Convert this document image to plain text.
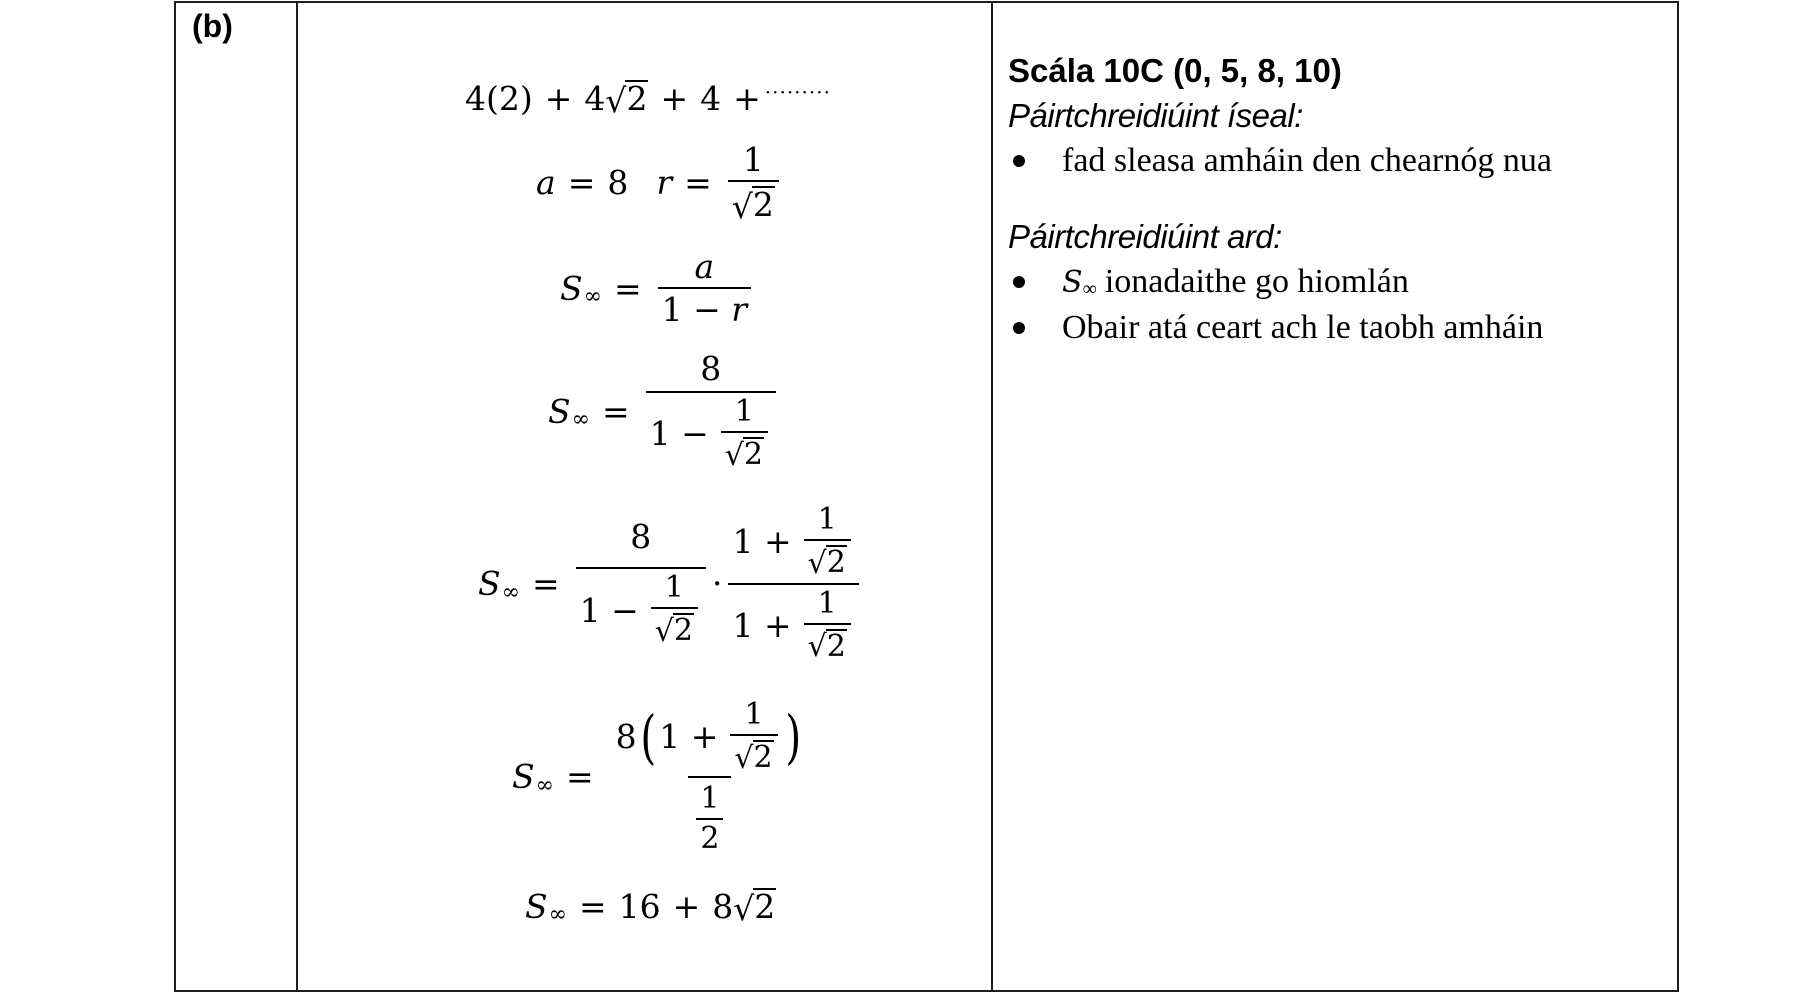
(b)
4(2) + 4 √ 2 + 4 + ·········
a = 8 $r = \frac{1}{√ 2}$
S ∞ = $\frac{a}{1 - r}$
S ∞ = $\frac{8}{1 - \frac{1}{√ 2}}$
S ∞ = $\frac{8}{1 - \frac{1}{√ 2}} \cdot \frac{1 + \frac{1}{√ 2}}{1 + \frac{1}{√ 2}}$
S ∞ = $\frac{8 ( 1 + \frac{1}{√ 2} )}{\frac{1}{2}}$
S ∞ = 16 + 8 √ 2
Scála 10C (0, 5, 8, 10)
Páirtchreidiúint íseal:
fad sleasa amháin den chearnóg nua
Páirtchreidiúint ard:
S ∞ ionadaithe go hiomlán
Obair atá ceart ach le taobh amháin
